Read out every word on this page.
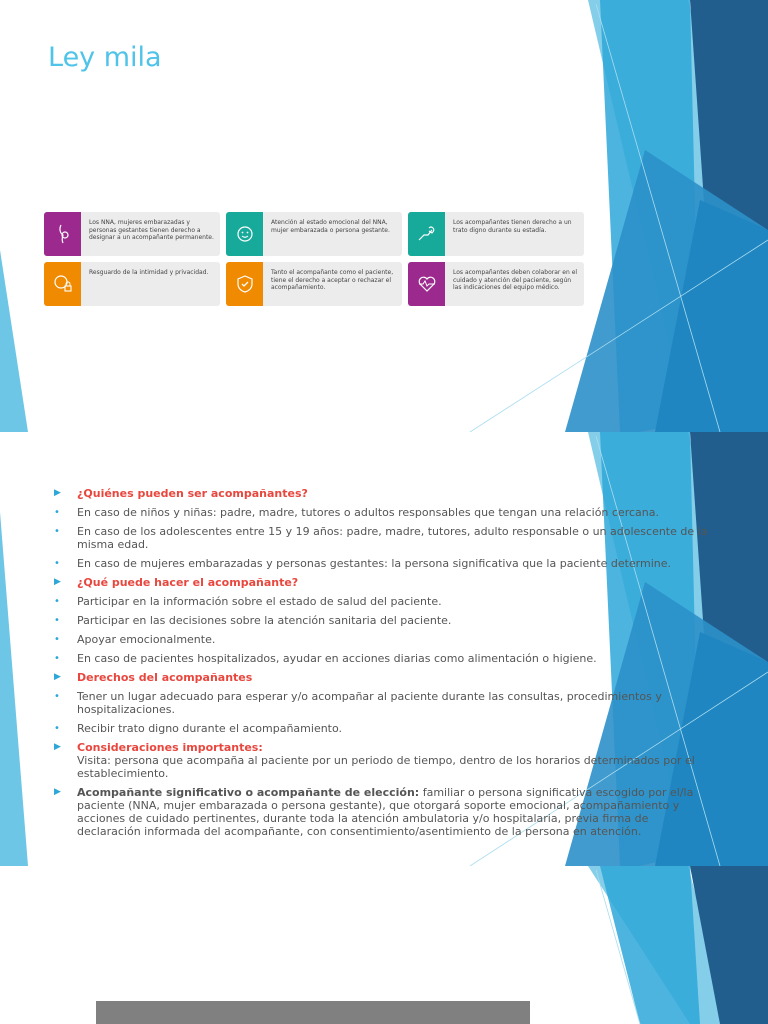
Ley mila
Los NNA, mujeres embarazadas y personas gestantes tienen derecho a designar a un acompañante permanente.
Atención al estado emocional del NNA, mujer embarazada o persona gestante.
Los acompañantes tienen derecho a un trato digno durante su estadía.
Resguardo de la intimidad y privacidad.	Tanto el acompañante como el paciente, tiene el derecho a aceptar o rechazar el acompañamiento.
Los acompañantes deben colaborar en el cuidado y atención del paciente, según las indicaciones del equipo médico.
▶ ¿Quiénes pueden ser acompañantes?
• En caso de niños y niñas: padre, madre, tutores o adultos responsables que tengan una relación cercana.
• En caso de los adolescentes entre 15 y 19 años: padre, madre, tutores, adulto responsable o un adolescente de la misma edad.
• En caso de mujeres embarazadas y personas gestantes: la persona significativa que la paciente determine.
▶ ¿Qué puede hacer el acompañante?
• Participar en la información sobre el estado de salud del paciente.
• Participar en las decisiones sobre la atención sanitaria del paciente.
• Apoyar emocionalmente.
• En caso de pacientes hospitalizados, ayudar en acciones diarias como alimentación o higiene.
▶ Derechos del acompañantes
• Tener un lugar adecuado para esperar y/o acompañar al paciente durante las consultas, procedimientos y hospitalizaciones.
• Recibir trato digno durante el acompañamiento.
▶ Consideraciones importantes:
Visita: persona que acompaña al paciente por un periodo de tiempo, dentro de los horarios determinados por el establecimiento.
▶ Acompañante significativo o acompañante de elección: familiar o persona significativa escogido por el/la paciente (NNA, mujer embarazada o persona gestante), que otorgará soporte emocional, acompañamiento y acciones de cuidado pertinentes, durante toda la atención ambulatoria y/o hospitalaria, previa firma de declaración informada del acompañante, con consentimiento/asentimiento de la persona en atención.
